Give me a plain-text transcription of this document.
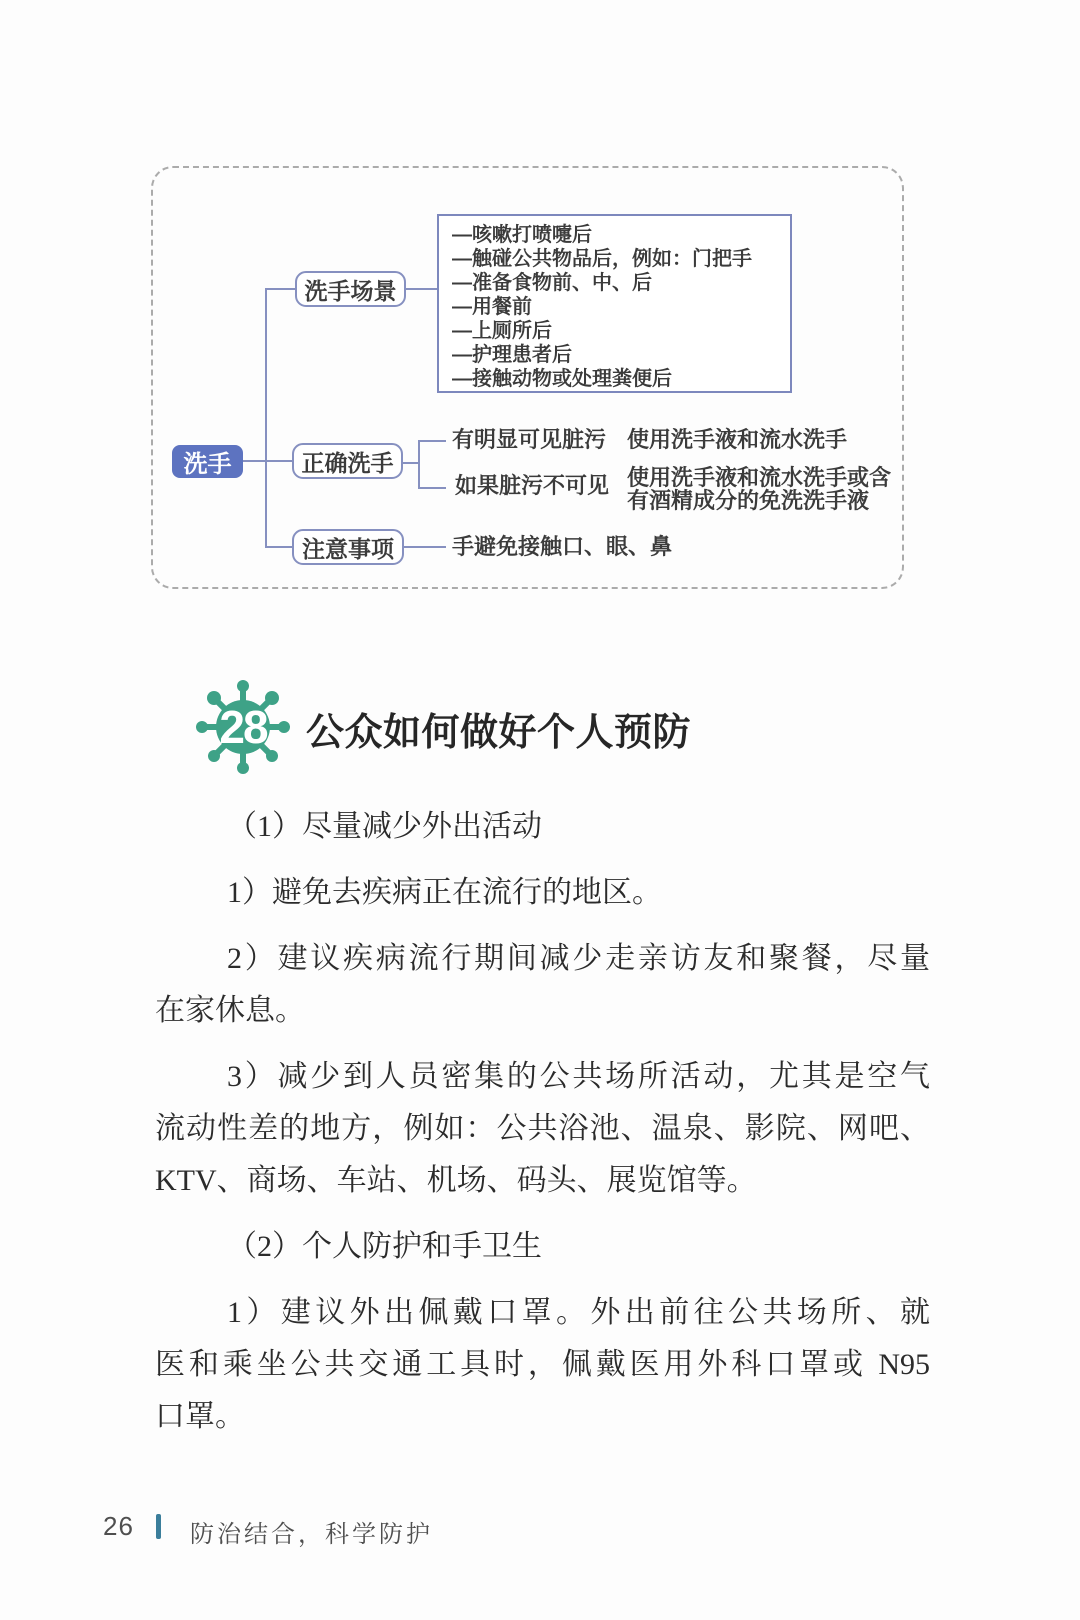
洗手
洗手场景
正确洗手
注意事项
—咳嗽打喷嚏后
—触碰公共物品后，例如：门把手
—准备食物前、中、后
—用餐前
—上厕所后
—护理患者后
—接触动物或处理粪便后
有明显可见脏污 使用洗手液和流水洗手
如果脏污不可见 使用洗手液和流水洗手或含
有酒精成分的免洗洗手液
手避免接触口、眼、鼻
28	公众如何做好个人预防
（1）尽量减少外出活动
1）避免去疾病正在流行的地区。
2）建议疾病流行期间减少走亲访友和聚餐，尽量
在家休息。
3）减少到人员密集的公共场所活动，尤其是空气
流动性差的地方，例如：公共浴池、温泉、影院、网吧、
KTV、商场、车站、机场、码头、展览馆等。
（2）个人防护和手卫生
1）建议外出佩戴口罩。外出前往公共场所、就
医和乘坐公共交通工具时，佩戴医用外科口罩或 N95
口罩。
26 防治结合，科学防护
